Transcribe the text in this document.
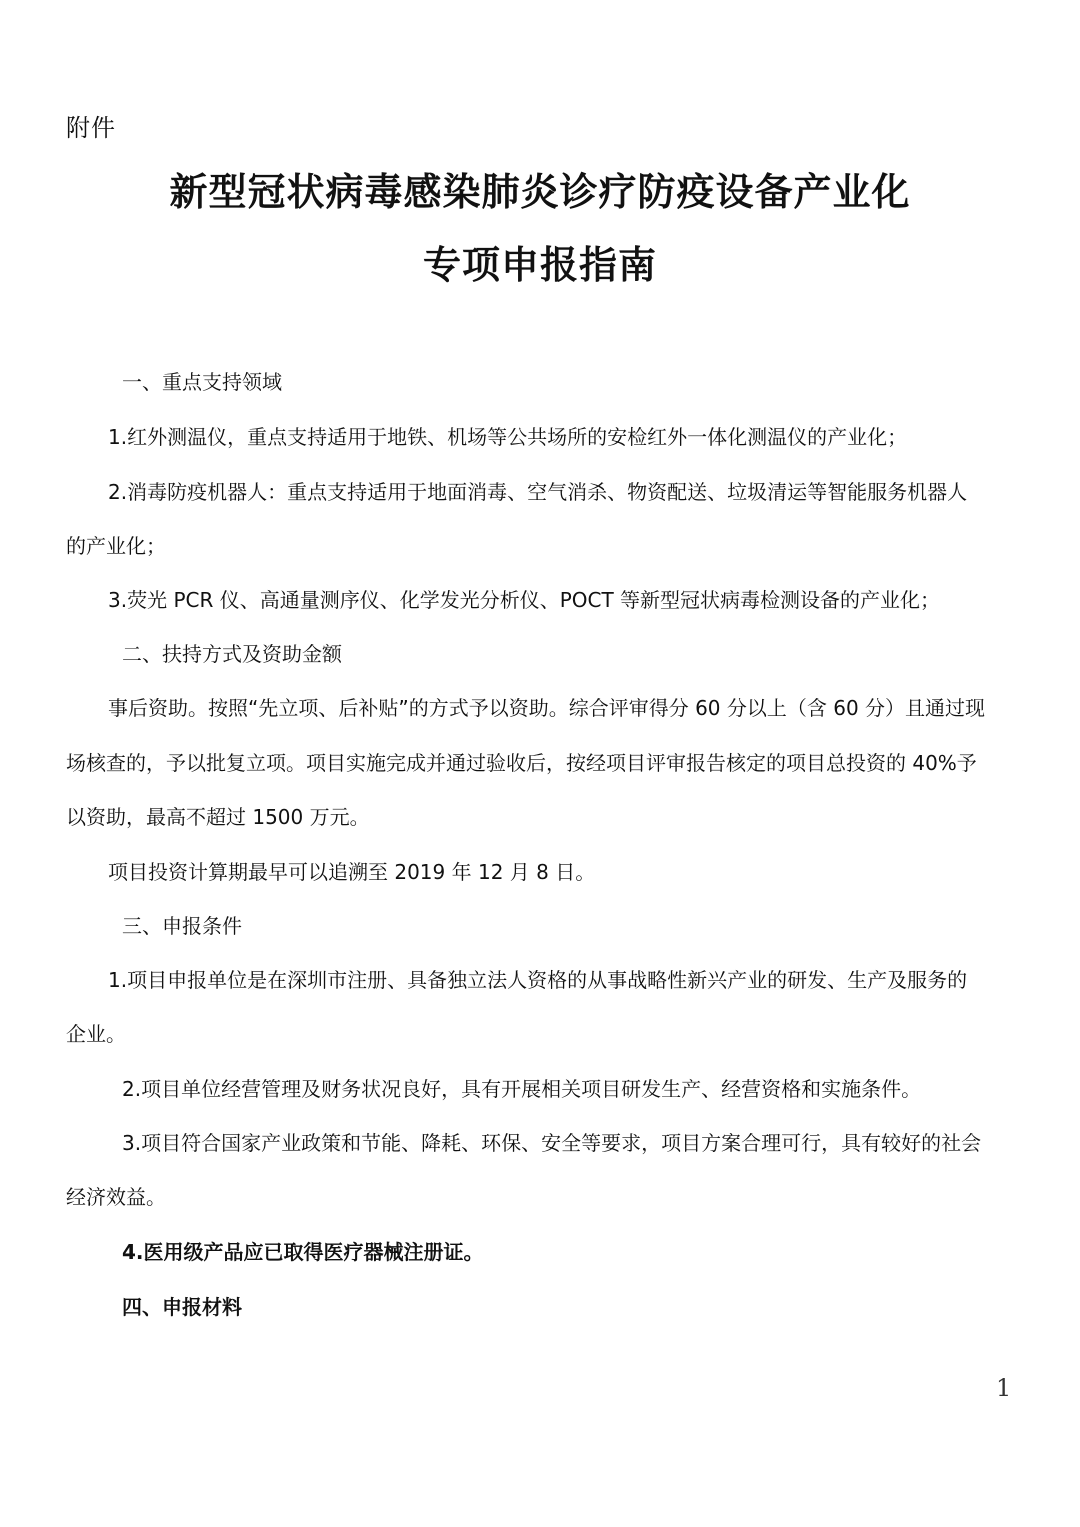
附件
新型冠状病毒感染肺炎诊疗防疫设备产业化
专项申报指南
一、重点支持领域
1.红外测温仪，重点支持适用于地铁、机场等公共场所的安检红外一体化测温仪的产业化；
2.消毒防疫机器人：重点支持适用于地面消毒、空气消杀、物资配送、垃圾清运等智能服务机器人
的产业化；
3.荧光 PCR 仪、高通量测序仪、化学发光分析仪、POCT 等新型冠状病毒检测设备的产业化；
二、扶持方式及资助金额
事后资助。按照“先立项、后补贴”的方式予以资助。综合评审得分 60 分以上（含 60 分）且通过现
场核查的，予以批复立项。项目实施完成并通过验收后，按经项目评审报告核定的项目总投资的 40%予
以资助，最高不超过 1500 万元。
项目投资计算期最早可以追溯至 2019 年 12 月 8 日。
三、申报条件
1.项目申报单位是在深圳市注册、具备独立法人资格的从事战略性新兴产业的研发、生产及服务的
企业。
2.项目单位经营管理及财务状况良好，具有开展相关项目研发生产、经营资格和实施条件。
3.项目符合国家产业政策和节能、降耗、环保、安全等要求，项目方案合理可行，具有较好的社会
经济效益。
4.医用级产品应已取得医疗器械注册证。
四、申报材料
1
